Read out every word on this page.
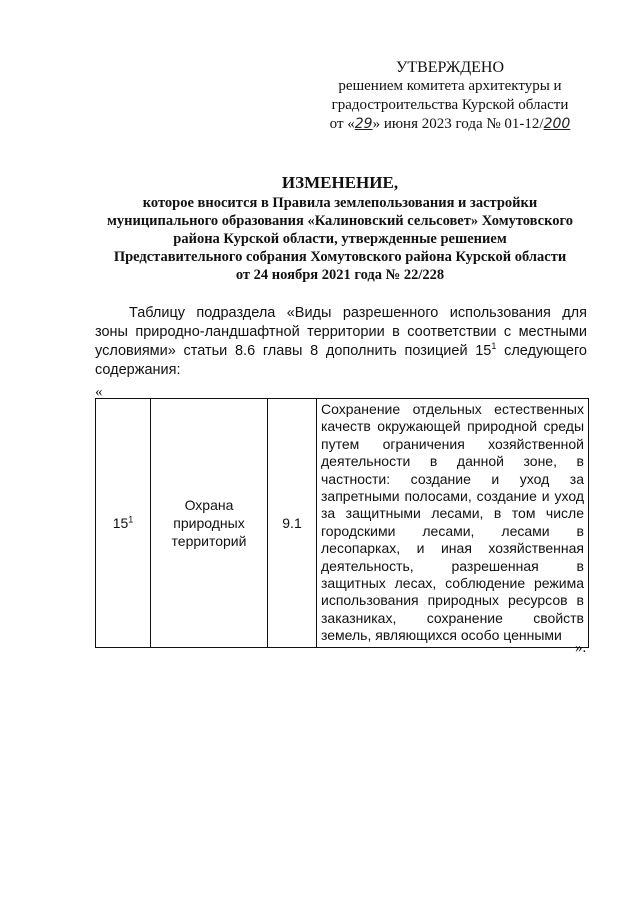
УТВЕРЖДЕНО
решением комитета архитектуры и
градостроительства Курской области
от «29» июня 2023 года № 01-12/200
ИЗМЕНЕНИЕ,
которое вносится в Правила землепользования и застройки
муниципального образования «Калиновский сельсовет» Хомутовского
района Курской области, утвержденные решением
Представительного собрания Хомутовского района Курской области
от 24 ноября 2021 года № 22/228
Таблицу подраздела «Виды разрешенного использования для зоны природно-ландшафтной территории в соответствии с местными условиями» статьи 8.6 главы 8 дополнить позицией $15^1$ следующего содержания:
«
$15^1$	Охрана природных территорий	9.1	Сохранение отдельных естественных качеств окружающей природной среды путем ограничения хозяйственной деятельности в данной зоне, в частности: создание и уход за запретными полосами, создание и уход за защитными лесами, в том числе городскими лесами, лесами в лесопарках, и иная хозяйственная деятельность, разрешенная в защитных лесах, соблюдение режима использования природных ресурсов в заказниках, сохранение свойств земель, являющихся особо ценными
».
